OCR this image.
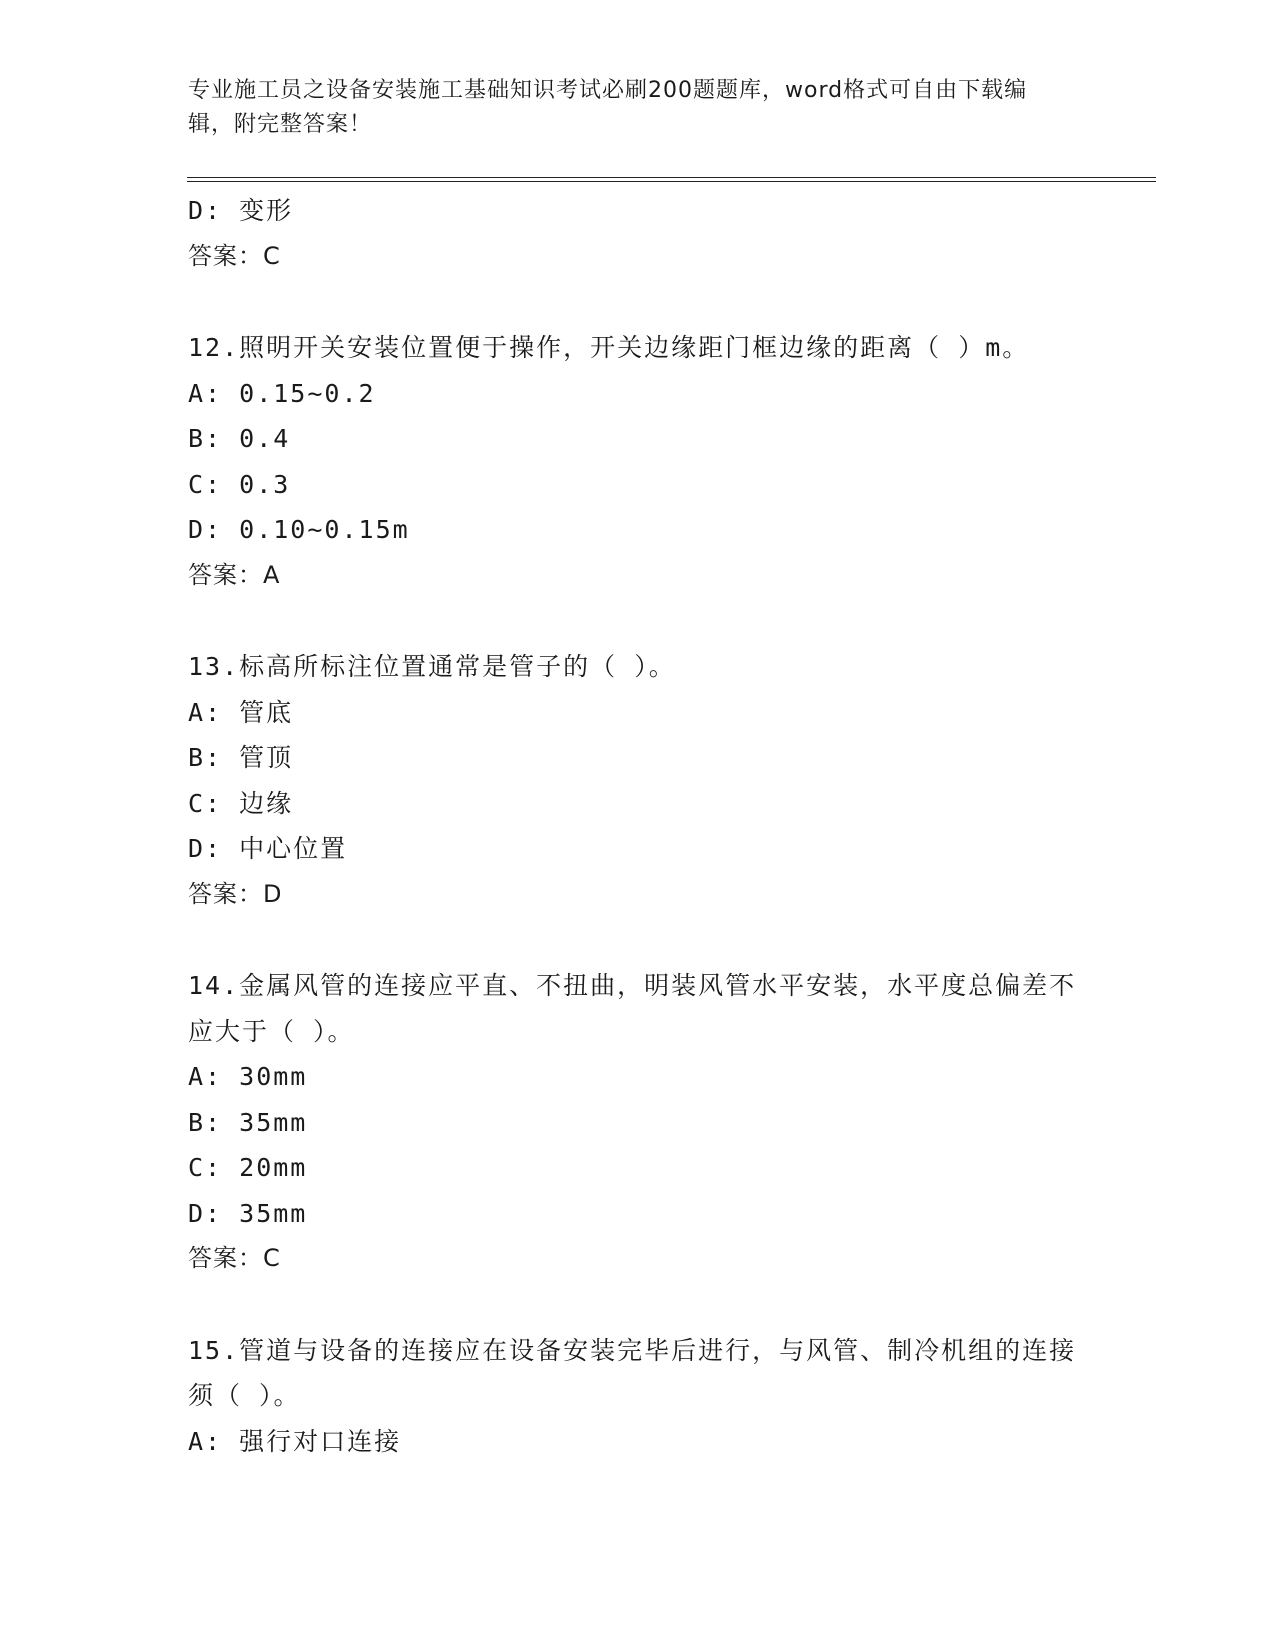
专业施工员之设备安装施工基础知识考试必刷200题题库，word格式可自由下载编辑，附完整答案！
D: 变形
答案：C
12.照明开关安装位置便于操作，开关边缘距门框边缘的距离（ ）m。
A: 0.15~0.2
B: 0.4
C: 0.3
D: 0.10~0.15m
答案：A
13.标高所标注位置通常是管子的（ ）。
A: 管底
B: 管顶
C: 边缘
D: 中心位置
答案：D
14.金属风管的连接应平直、不扭曲，明装风管水平安装，水平度总偏差不应大于（ ）。
A: 30mm
B: 35mm
C: 20mm
D: 35mm
答案：C
15.管道与设备的连接应在设备安装完毕后进行，与风管、制冷机组的连接须（ ）。
A: 强行对口连接
